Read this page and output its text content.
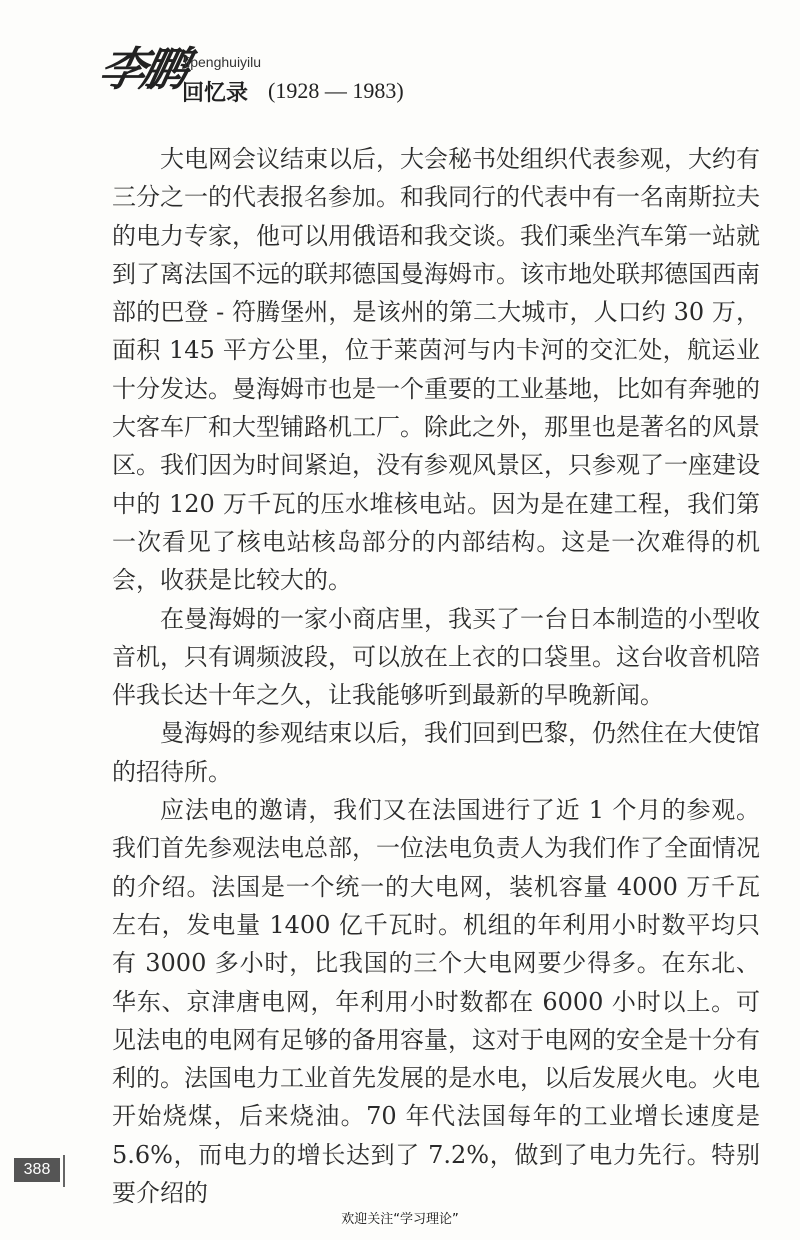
李鹏
lipenghuiyilu
回忆录 (1928 — 1983)

大电网会议结束以后，大会秘书处组织代表参观，大约有三分之一的代表报名参加。和我同行的代表中有一名南斯拉夫的电力专家，他可以用俄语和我交谈。我们乘坐汽车第一站就到了离法国不远的联邦德国曼海姆市。该市地处联邦德国西南部的巴登 - 符腾堡州，是该州的第二大城市，人口约 30 万，面积 145 平方公里，位于莱茵河与内卡河的交汇处，航运业十分发达。曼海姆市也是一个重要的工业基地，比如有奔驰的大客车厂和大型铺路机工厂。除此之外，那里也是著名的风景区。我们因为时间紧迫，没有参观风景区，只参观了一座建设中的 120 万千瓦的压水堆核电站。因为是在建工程，我们第一次看见了核电站核岛部分的内部结构。这是一次难得的机会，收获是比较大的。

在曼海姆的一家小商店里，我买了一台日本制造的小型收音机，只有调频波段，可以放在上衣的口袋里。这台收音机陪伴我长达十年之久，让我能够听到最新的早晚新闻。

曼海姆的参观结束以后，我们回到巴黎，仍然住在大使馆的招待所。

应法电的邀请，我们又在法国进行了近 1 个月的参观。我们首先参观法电总部，一位法电负责人为我们作了全面情况的介绍。法国是一个统一的大电网，装机容量 4000 万千瓦左右，发电量 1400 亿千瓦时。机组的年利用小时数平均只有 3000 多小时，比我国的三个大电网要少得多。在东北、华东、京津唐电网，年利用小时数都在 6000 小时以上。可见法电的电网有足够的备用容量，这对于电网的安全是十分有利的。法国电力工业首先发展的是水电，以后发展火电。火电开始烧煤，后来烧油。70 年代法国每年的工业增长速度是 5.6%，而电力的增长达到了 7.2%，做到了电力先行。特别要介绍的

388
欢迎关注“学习理论”
